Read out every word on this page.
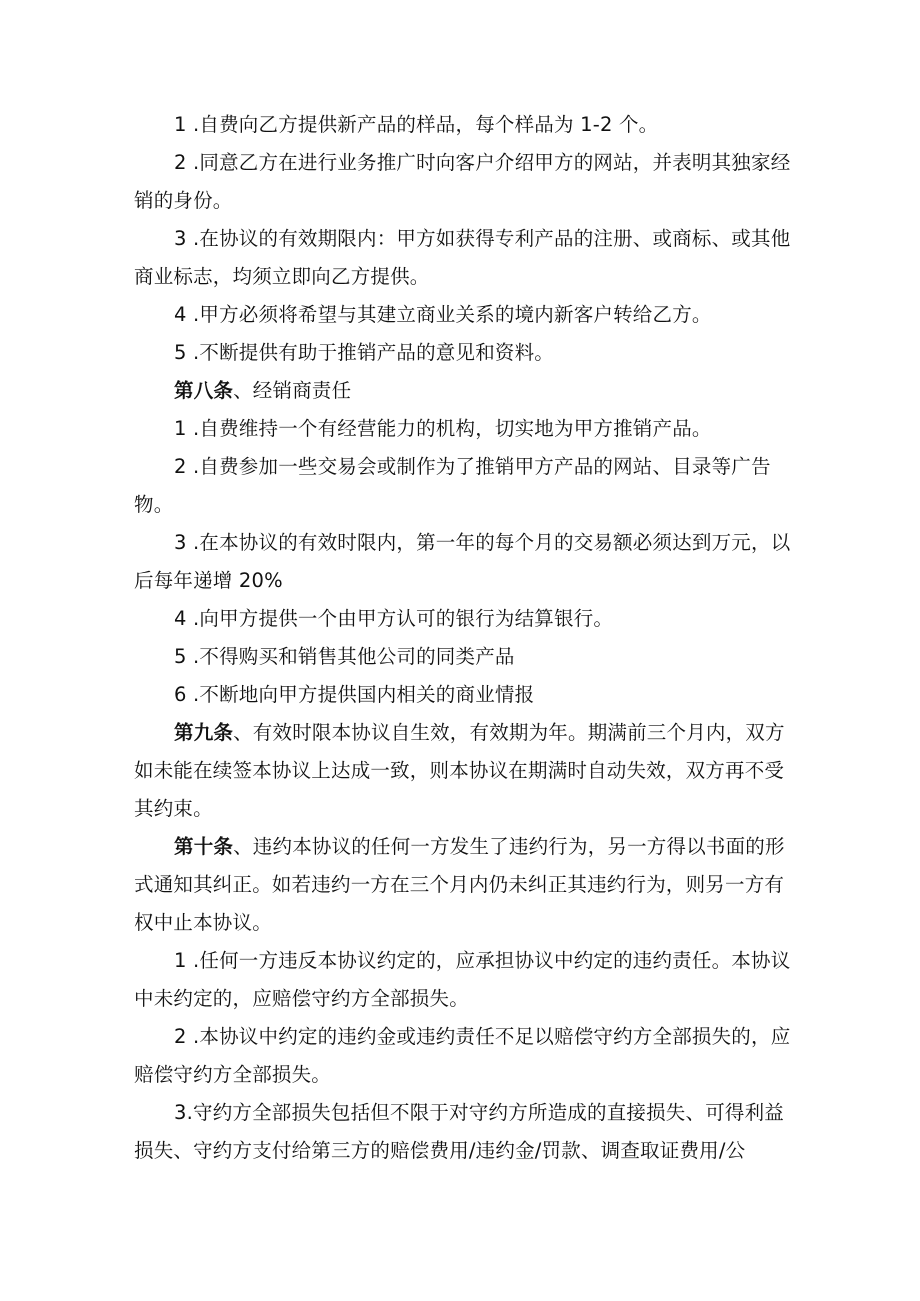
1 .自费向乙方提供新产品的样品，每个样品为 1-2 个。

2 .同意乙方在进行业务推广时向客户介绍甲方的网站，并表明其独家经销的身份。

3 .在协议的有效期限内：甲方如获得专利产品的注册、或商标、或其他商业标志，均须立即向乙方提供。

4 .甲方必须将希望与其建立商业关系的境内新客户转给乙方。

5 .不断提供有助于推销产品的意见和资料。

第八条、经销商责任

1 .自费维持一个有经营能力的机构，切实地为甲方推销产品。

2 .自费参加一些交易会或制作为了推销甲方产品的网站、目录等广告物。

3 .在本协议的有效时限内，第一年的每个月的交易额必须达到万元，以后每年递增 20%

4 .向甲方提供一个由甲方认可的银行为结算银行。

5 .不得购买和销售其他公司的同类产品

6 .不断地向甲方提供国内相关的商业情报

第九条、有效时限本协议自生效，有效期为年。期满前三个月内，双方如未能在续签本协议上达成一致，则本协议在期满时自动失效，双方再不受其约束。

第十条、违约本协议的任何一方发生了违约行为，另一方得以书面的形式通知其纠正。如若违约一方在三个月内仍未纠正其违约行为，则另一方有权中止本协议。

1 .任何一方违反本协议约定的，应承担协议中约定的违约责任。本协议中未约定的，应赔偿守约方全部损失。

2 .本协议中约定的违约金或违约责任不足以赔偿守约方全部损失的，应赔偿守约方全部损失。

3.守约方全部损失包括但不限于对守约方所造成的直接损失、可得利益损失、守约方支付给第三方的赔偿费用/违约金/罚款、调查取证费用/公
